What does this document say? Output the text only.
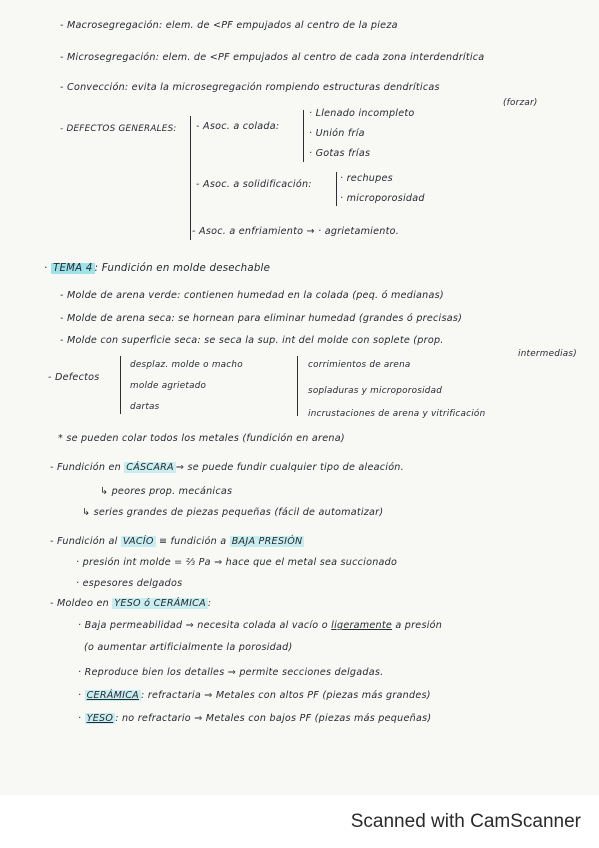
- Macrosegregación: elem. de <PF empujados al centro de la pieza
- Microsegregación: elem. de <PF empujados al centro de cada zona interdendrítica
- Convección: evita la microsegregación rompiendo estructuras dendríticas
(forzar)
- DEFECTOS GENERALES: - Asoc. a colada:
· Llenado incompleto
· Unión fría
· Gotas frías
- Asoc. a solidificación:
· rechupes
· microporosidad
- Asoc. a enfriamiento → · agrietamiento.
· TEMA 4 : Fundición en molde desechable
- Molde de arena verde: contienen humedad en la colada (peq. ó medianas)
- Molde de arena seca: se hornean para eliminar humedad (grandes ó precisas)
- Molde con superficie seca: se seca la sup. int del molde con soplete (prop.
intermedias)
- Defectos
desplaz. molde o macho
molde agrietado
dartas
corrimientos de arena
sopladuras y microporosidad
incrustaciones de arena y vitrificación
* se pueden colar todos los metales (fundición en arena)
- Fundición en CÁSCARA ⇒ se puede fundir cualquier tipo de aleación.
↳ peores prop. mecánicas
↳ series grandes de piezas pequeñas (fácil de automatizar)
- Fundición al VACÍO ≡ fundición a BAJA PRESIÓN
· presión int molde = ⅔ Pa ⇒ hace que el metal sea succionado
· espesores delgados
- Moldeo en YESO ó CERÁMICA :
· Baja permeabilidad ⇒ necesita colada al vacío o ligeramente a presión
(o aumentar artificialmente la porosidad)
· Reproduce bien los detalles ⇒ permite secciones delgadas.
· CERÁMICA : refractaria ⇒ Metales con altos PF (piezas más grandes)
· YESO : no refractario ⇒ Metales con bajos PF (piezas más pequeñas)
Scanned with CamScanner
